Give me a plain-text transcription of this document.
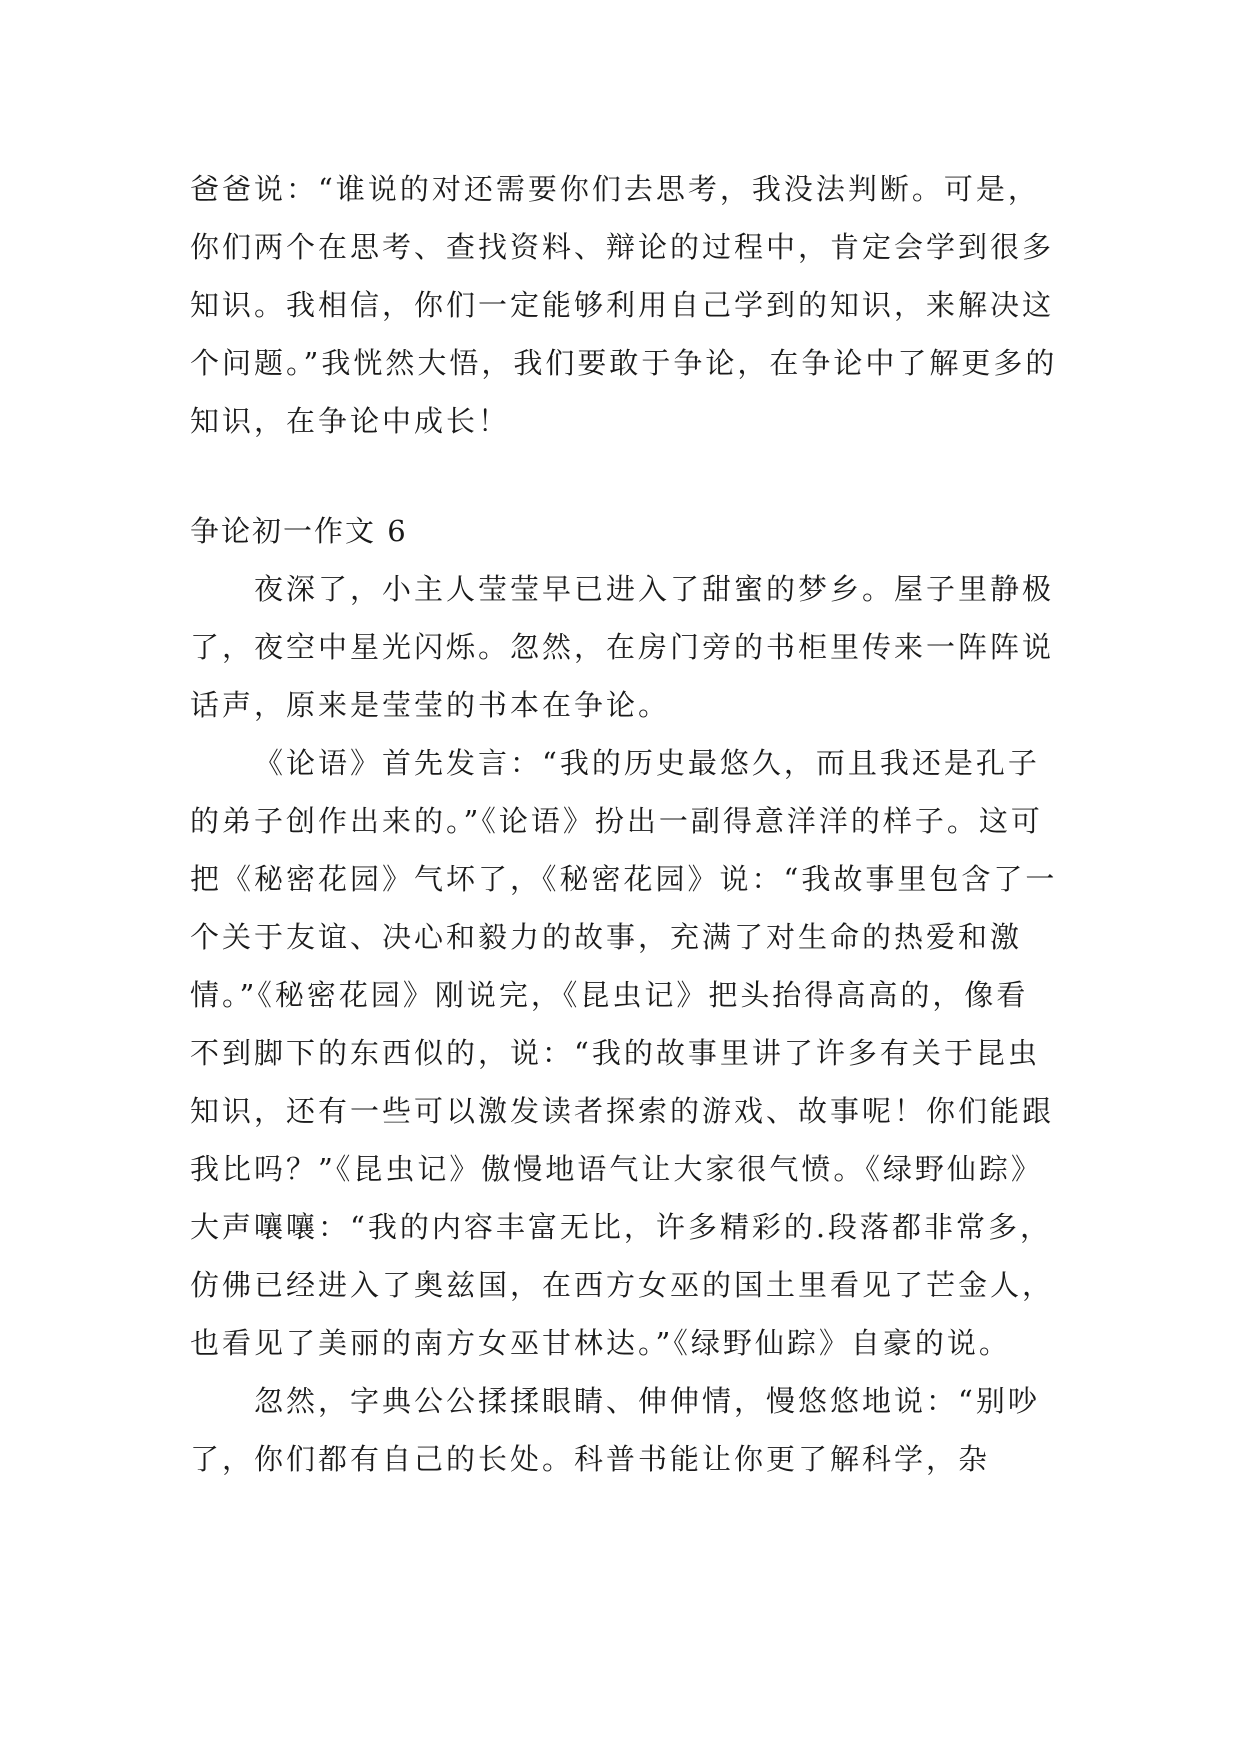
爸爸说：“谁说的对还需要你们去思考，我没法判断。可是，你们两个在思考、查找资料、辩论的过程中，肯定会学到很多知识。我相信，你们一定能够利用自己学到的知识，来解决这个问题。”我恍然大悟，我们要敢于争论，在争论中了解更多的知识，在争论中成长！

争论初一作文 6

夜深了，小主人莹莹早已进入了甜蜜的梦乡。屋子里静极了，夜空中星光闪烁。忽然，在房门旁的书柜里传来一阵阵说话声，原来是莹莹的书本在争论。

《论语》首先发言：“我的历史最悠久，而且我还是孔子的弟子创作出来的。”《论语》扮出一副得意洋洋的样子。这可把《秘密花园》气坏了，《秘密花园》说：“我故事里包含了一个关于友谊、决心和毅力的故事，充满了对生命的热爱和激情。”《秘密花园》刚说完，《昆虫记》把头抬得高高的，像看不到脚下的东西似的，说：“我的故事里讲了许多有关于昆虫知识，还有一些可以激发读者探索的游戏、故事呢！你们能跟我比吗？”《昆虫记》傲慢地语气让大家很气愤。《绿野仙踪》大声嚷嚷：“我的内容丰富无比，许多精彩的.段落都非常多，仿佛已经进入了奥兹国，在西方女巫的国土里看见了芒金人，也看见了美丽的南方女巫甘林达。”《绿野仙踪》自豪的说。

忽然，字典公公揉揉眼睛、伸伸情，慢悠悠地说：“别吵了，你们都有自己的长处。科普书能让你更了解科学，杂
